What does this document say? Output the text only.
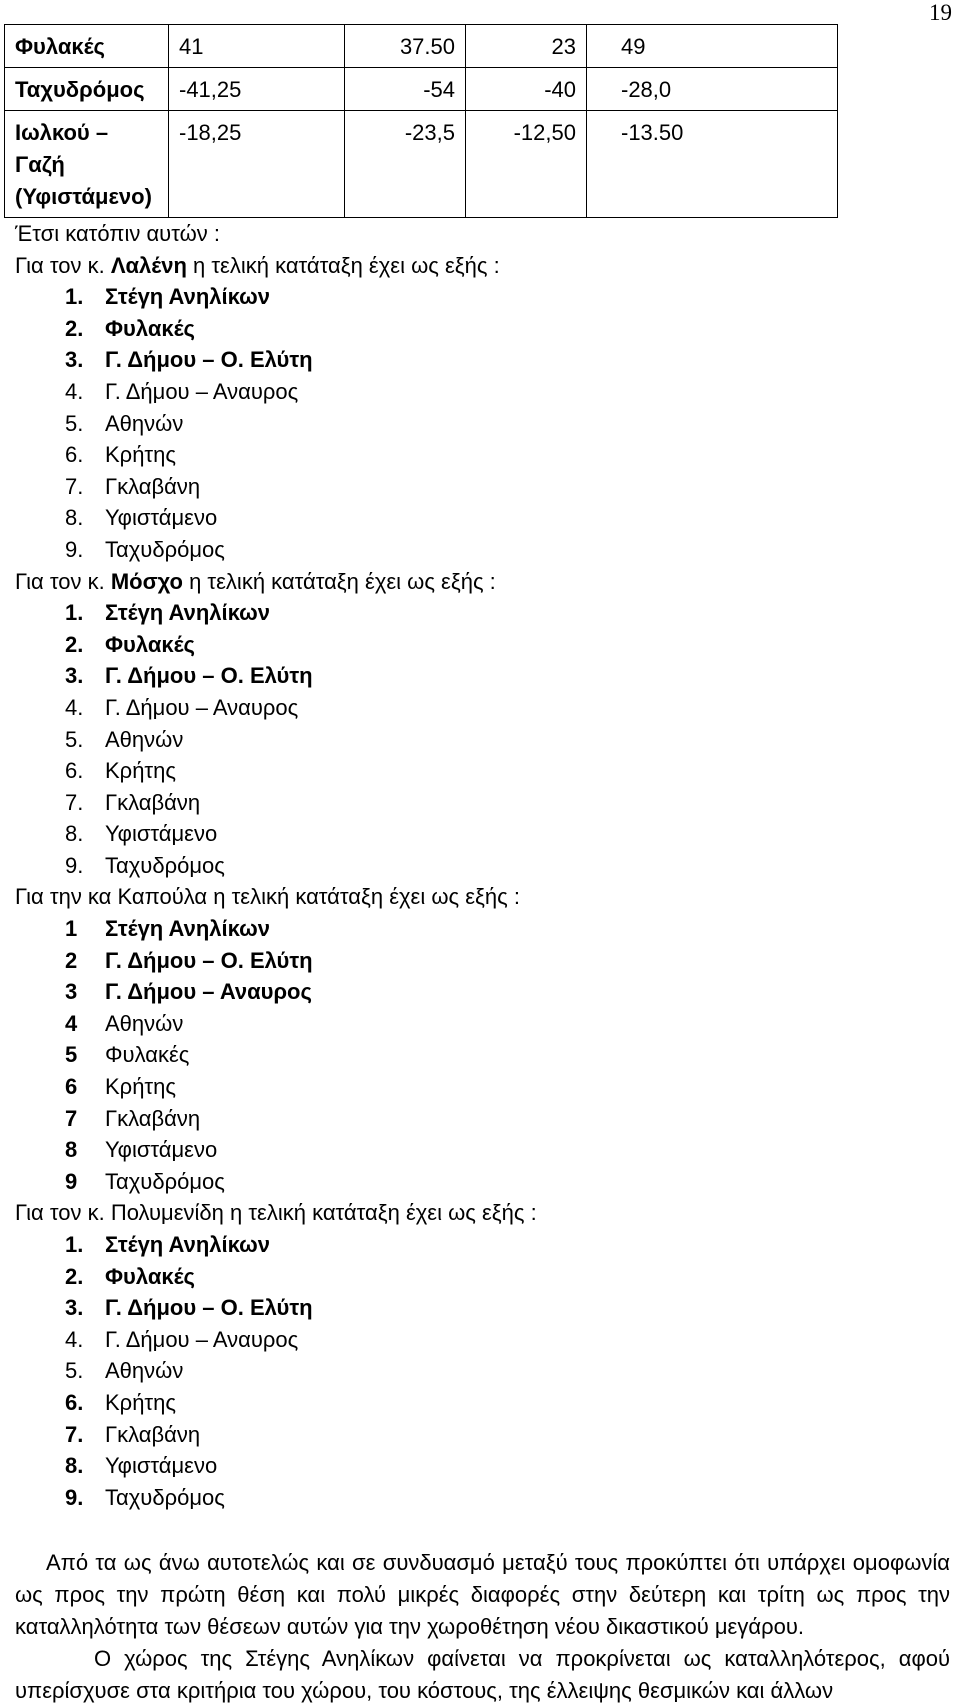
19
Φυλακές	41	37.50	23	49
Ταχυδρόμος	-41,25	-54	-40	-28,0
Ιωλκού – Γαζή (Υφιστάμενο)	-18,25	-23,5	-12,50	-13.50
Έτσι κατόπιν αυτών :
Για τον κ. Λαλένη η τελική κατάταξη έχει ως εξής :
1. Στέγη Ανηλίκων
2. Φυλακές
3. Γ. Δήμου – Ο. Ελύτη
4. Γ. Δήμου – Αναυρος
5. Αθηνών
6. Κρήτης
7. Γκλαβάνη
8. Υφιστάμενο
9. Ταχυδρόμος
Για τον κ. Μόσχο η τελική κατάταξη έχει ως εξής :
1. Στέγη Ανηλίκων
2. Φυλακές
3. Γ. Δήμου – Ο. Ελύτη
4. Γ. Δήμου – Αναυρος
5. Αθηνών
6. Κρήτης
7. Γκλαβάνη
8. Υφιστάμενο
9. Ταχυδρόμος
Για την κα Καπούλα η τελική κατάταξη έχει ως εξής :
1 Στέγη Ανηλίκων
2 Γ. Δήμου – Ο. Ελύτη
3 Γ. Δήμου – Αναυρος
4 Αθηνών
5 Φυλακές
6 Κρήτης
7 Γκλαβάνη
8 Υφιστάμενο
9 Ταχυδρόμος
Για τον κ. Πολυμενίδη η τελική κατάταξη έχει ως εξής :
1. Στέγη Ανηλίκων
2. Φυλακές
3. Γ. Δήμου – Ο. Ελύτη
4. Γ. Δήμου – Αναυρος
5. Αθηνών
6. Κρήτης
7. Γκλαβάνη
8. Υφιστάμενο
9. Ταχυδρόμος

Από τα ως άνω αυτοτελώς και σε συνδυασμό μεταξύ τους προκύπτει ότι υπάρχει ομοφωνία ως προς την πρώτη θέση και πολύ μικρές διαφορές στην δεύτερη και τρίτη ως προς την καταλληλότητα των θέσεων αυτών για την χωροθέτηση νέου δικαστικού μεγάρου.

Ο χώρος της Στέγης Ανηλίκων φαίνεται να προκρίνεται ως καταλληλότερος, αφού υπερίσχυσε στα κριτήρια του χώρου, του κόστους, της έλλειψης θεσμικών και άλλων
